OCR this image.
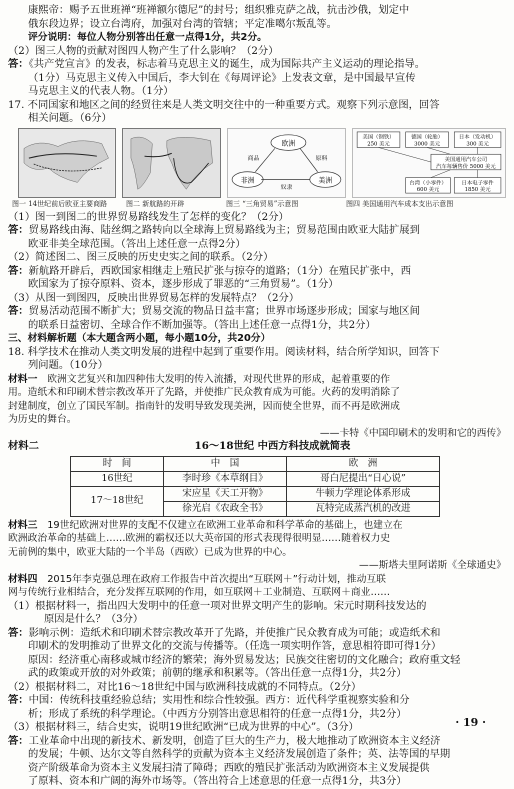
康熙帝：赐予五世班禅“班禅额尔德尼”的封号；组织雅克萨之战，抗击沙俄，划定中

俄东段边界；设立台湾府，加强对台湾的管辖；平定准噶尔叛乱等。

评分说明：每位人物分别答出任意一点得1分，共2分。

（2）图三人物的贡献对图四人物产生了什么影响？（2分）

答：《共产党宣言》的发表，标志着马克思主义的诞生，成为国际共产主义运动的理论指导。

（1分）马克思主义传入中国后，李大钊在《每周评论》上发表文章，是中国最早宣传

马克思主义的代表人物。（1分）

17. 不同国家和地区之间的经贸往来是人类文明交往中的一种重要方式。观察下列示意图，回答

相关问题。（6分）

欧洲
非洲	美洲
商品
奴隶
原料
美国（钢铁）
250 美元
德国（轮胎）
3000 美元
日本（发动机）
300 美元
美国通用汽车公司
汽车每辆售价 5000 美元
台湾（小零件）
600 美元
日本电子零件
1850 美元
图一 14世纪前后欧亚主要商路	图二 新航路的开辟	图三 “三角贸易”示意图	图四 美国通用汽车成本支出示意图

（1）图一到图二的世界贸易路线发生了怎样的变化？（2分）

答：贸易路线由海、陆丝绸之路转向以全球海上贸易路线为主；贸易范围由欧亚大陆扩展到

欧亚非美全球范围。（答出上述任意一点得2分）

（2）简述图二、图三反映的历史史实之间的联系。（2分）

答：新航路开辟后，西欧国家相继走上殖民扩张与掠夺的道路；（1分）在殖民扩张中，西

欧国家为了掠夺原料、资本，逐步形成了罪恶的“三角贸易”。（1分）

（3）从图一到图四，反映出世界贸易怎样的发展特点？（2分）

答：贸易活动范围不断扩大；贸易交流的物品日益丰富；世界市场逐步形成；国家与地区间

的联系日益密切、全球合作不断加强等。（答出上述任意一点得1分，共2分）

三、材料解析题（本大题含两小题，每小题10分，共20分）

18. 科学技术在推动人类文明发展的进程中起到了重要作用。阅读材料，结合所学知识，回答下

列问题。（10分）

材料一　 欧洲文艺复兴和加四种伟大发明的传入流播，对现代世界的形成，起着重要的作

用。造纸术和印刷术替宗教改革开了先路，并使推广民众教育成为可能。火药的发明消除了

封建制度，创立了国民军制。指南针的发明导致发现美洲，因而使全世界，而不再是欧洲成

为历史的舞台。

——卡特《中国印刷术的发明和它的西传》

材料二	16～18世纪 中西方科技成就简表

时　间	中　国	欧　洲
16世纪	李时珍《本草纲目》	哥白尼提出“日心说”
17～18世纪	宋应星《天工开物》	牛顿力学理论体系形成
	徐光启《农政全书》	瓦特完成蒸汽机的改进

材料三　 19世纪欧洲对世界的支配不仅建立在欧洲工业革命和科学革命的基础上，也建立在

欧洲政治革命的基础上……欧洲的霸权还以大英帝国的形式表现得很明显……随着权力史

无前例的集中，欧亚大陆的一个半岛（西欧）已成为世界的中心。

——斯塔夫里阿诺斯《全球通史》

材料四　 2015年李克强总理在政府工作报告中首次提出“互联网＋”行动计划，推动互联

网与传统行业相结合，充分发挥互联网的作用，如互联网＋工业制造、互联网＋商业……

（1）根据材料一，指出四大发明中的任意一项对世界文明产生的影响。宋元时期科技发达的

原因是什么？（3分）

答：影响示例：造纸术和印刷术替宗教改革开了先路，并使推广民众教育成为可能；或造纸术和

印刷术的发明推动了世界文化的交流与传播等。（任选一项实明作答，意思相符即可得1分）

原因：经济重心南移或城市经济的繁荣；海外贸易发达；民族交往密切的文化融合；政府重文轻

武的政策或开放的对外政策；前朝的继承和积累等。（答出任意一点得1分，共2分）

（2）根据材料二，对比16～18世纪中国与欧洲科技成就的不同特点。（2分）

答：中国：传统科技重经验总结；实用性和综合性较强。西方：近代科学重视察实验和分

析；形成了系统的科学理论。（中西方分别答出意思相符的任意一点得1分，共2分）

（3）根据材料三，结合史实，说明19世纪欧洲“已成为世界的中心”。（3分）

答：工业革命中出现的新技术、新发明，创造了巨大的生产力，极大地推动了欧洲资本主义经济

的发展；牛顿、达尔文等自然科学的贡献为资本主义经济发展创造了条件；英、法等国的早期

资产阶级革命为资本主义发展扫清了障碍；西欧的殖民扩张活动为欧洲资本主义发展提供

了原料、资本和广阔的海外市场等。（答出符合上述意思的任意一点得1分，共3分）

· 19 ·
